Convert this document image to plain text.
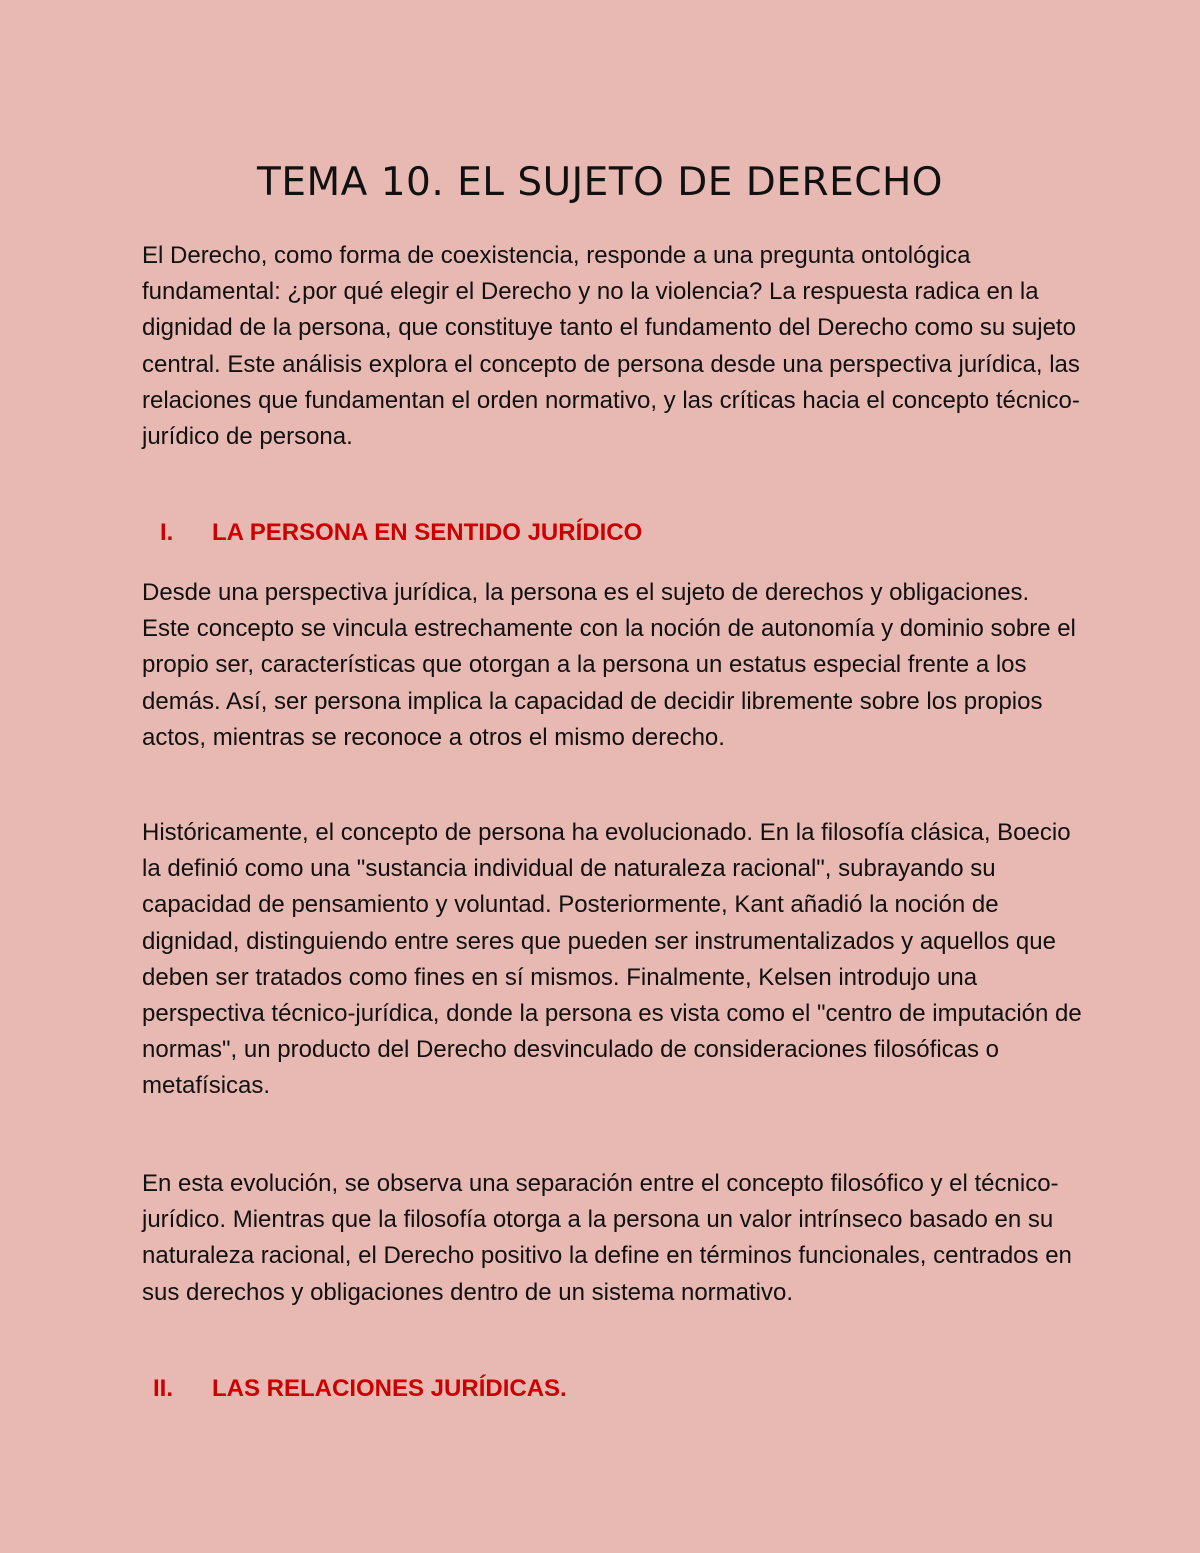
TEMA 10. EL SUJETO DE DERECHO

El Derecho, como forma de coexistencia, responde a una pregunta ontológica fundamental: ¿por qué elegir el Derecho y no la violencia? La respuesta radica en la dignidad de la persona, que constituye tanto el fundamento del Derecho como su sujeto central. Este análisis explora el concepto de persona desde una perspectiva jurídica, las relaciones que fundamentan el orden normativo, y las críticas hacia el concepto técnico-jurídico de persona.

I. LA PERSONA EN SENTIDO JURÍDICO

Desde una perspectiva jurídica, la persona es el sujeto de derechos y obligaciones. Este concepto se vincula estrechamente con la noción de autonomía y dominio sobre el propio ser, características que otorgan a la persona un estatus especial frente a los demás. Así, ser persona implica la capacidad de decidir libremente sobre los propios actos, mientras se reconoce a otros el mismo derecho.

Históricamente, el concepto de persona ha evolucionado. En la filosofía clásica, Boecio la definió como una "sustancia individual de naturaleza racional", subrayando su capacidad de pensamiento y voluntad. Posteriormente, Kant añadió la noción de dignidad, distinguiendo entre seres que pueden ser instrumentalizados y aquellos que deben ser tratados como fines en sí mismos. Finalmente, Kelsen introdujo una perspectiva técnico-jurídica, donde la persona es vista como el "centro de imputación de normas", un producto del Derecho desvinculado de consideraciones filosóficas o metafísicas.

En esta evolución, se observa una separación entre el concepto filosófico y el técnico-jurídico. Mientras que la filosofía otorga a la persona un valor intrínseco basado en su naturaleza racional, el Derecho positivo la define en términos funcionales, centrados en sus derechos y obligaciones dentro de un sistema normativo.

II. LAS RELACIONES JURÍDICAS.
